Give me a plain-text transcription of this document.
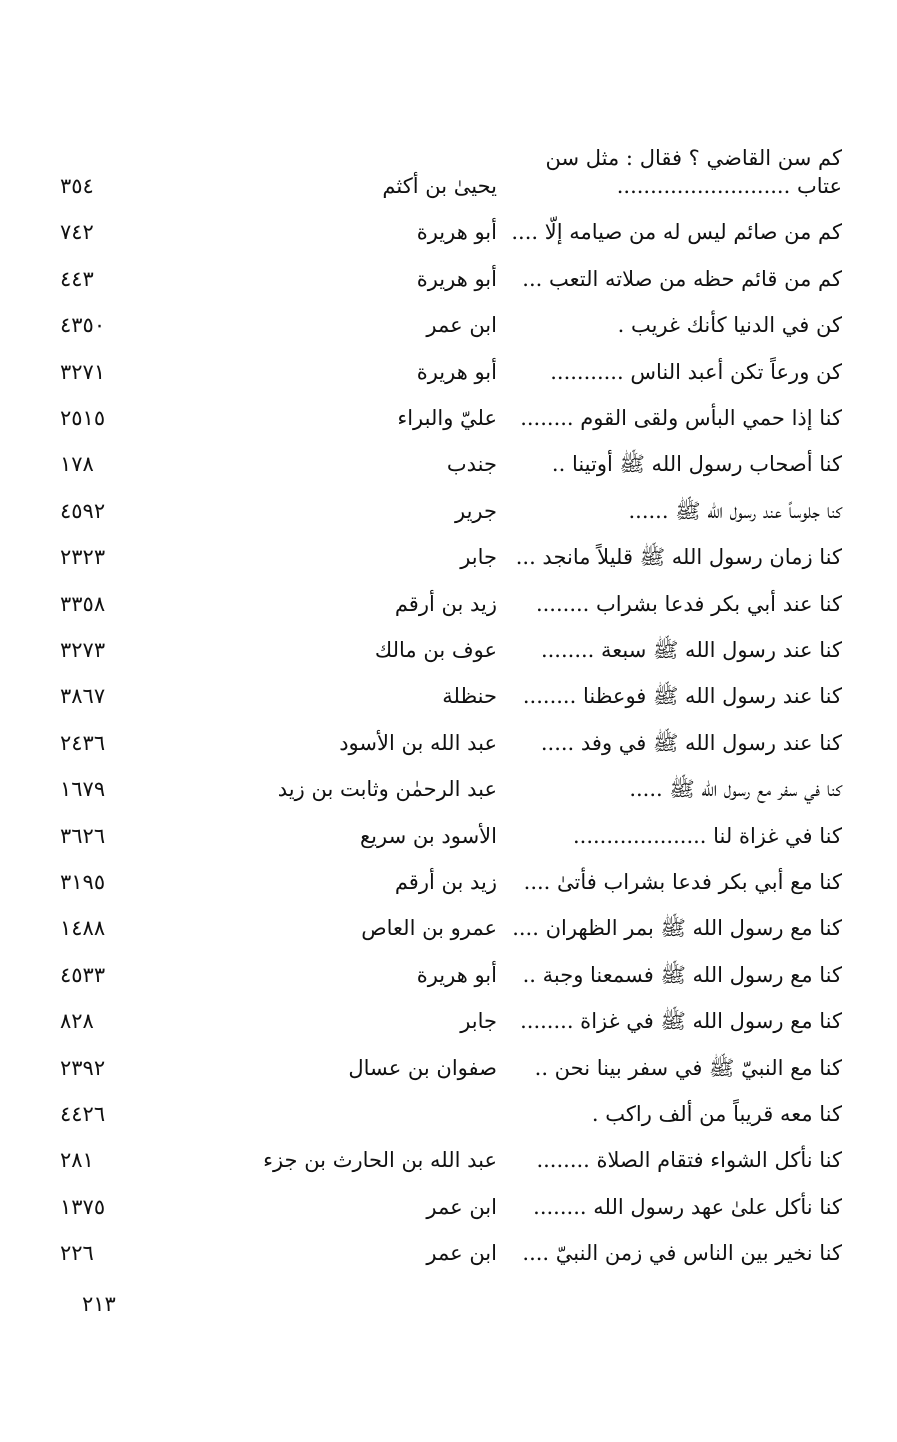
كم سن القاضي ؟ فقال : مثل سن
عتاب ..........................
يحيىٰ بن أكثم
٣٥٤
كم من صائم ليس له من صيامه إلّا ....
أبو هريرة
٧٤٢
كم من قائم حظه من صلاته التعب ...
أبو هريرة
٤٤٣
كن في الدنيا كأنك غريب .
ابن عمر
٤٣٥٠
كن ورعاً تكن أعبد الناس ...........
أبو هريرة
٣٢٧١
كنا إذا حمي البأس ولقى القوم ........
عليّ والبراء
٢٥١٥
كنا أصحاب رسول الله ﷺ أوتينا ..
جندب
١٧٨
كنا جلوساً عند رسول الله ﷺ ......
جرير
٤٥٩٢
كنا زمان رسول الله ﷺ قليلاً مانجد ...
جابر
٢٣٢٣
كنا عند أبي بكر فدعا بشراب ........
زيد بن أرقم
٣٣٥٨
كنا عند رسول الله ﷺ سبعة ........
عوف بن مالك
٣٢٧٣
كنا عند رسول الله ﷺ فوعظنا ........
حنظلة
٣٨٦٧
كنا عند رسول الله ﷺ في وفد .....
عبد الله بن الأسود
٢٤٣٦
كنا في سفر مع رسول الله ﷺ .....
عبد الرحمٰن وثابت بن زيد
١٦٧٩
كنا في غزاة لنا ....................
الأسود بن سريع
٣٦٢٦
كنا مع أبي بكر فدعا بشراب فأتىٰ ....
زيد بن أرقم
٣١٩٥
كنا مع رسول الله ﷺ بمر الظهران ....
عمرو بن العاص
١٤٨٨
كنا مع رسول الله ﷺ فسمعنا وجبة ..
أبو هريرة
٤٥٣٣
كنا مع رسول الله ﷺ في غزاة ........
جابر
٨٢٨
كنا مع النبيّ ﷺ في سفر بينا نحن ..
صفوان بن عسال
٢٣٩٢
كنا معه قريباً من ألف راكب .
٤٤٢٦
كنا نأكل الشواء فتقام الصلاة ........
عبد الله بن الحارث بن جزء
٢٨١
كنا نأكل علىٰ عهد رسول الله ........
ابن عمر
١٣٧٥
كنا نخير بين الناس في زمن النبيّ ....
ابن عمر
٢٢٦
٢١٣
